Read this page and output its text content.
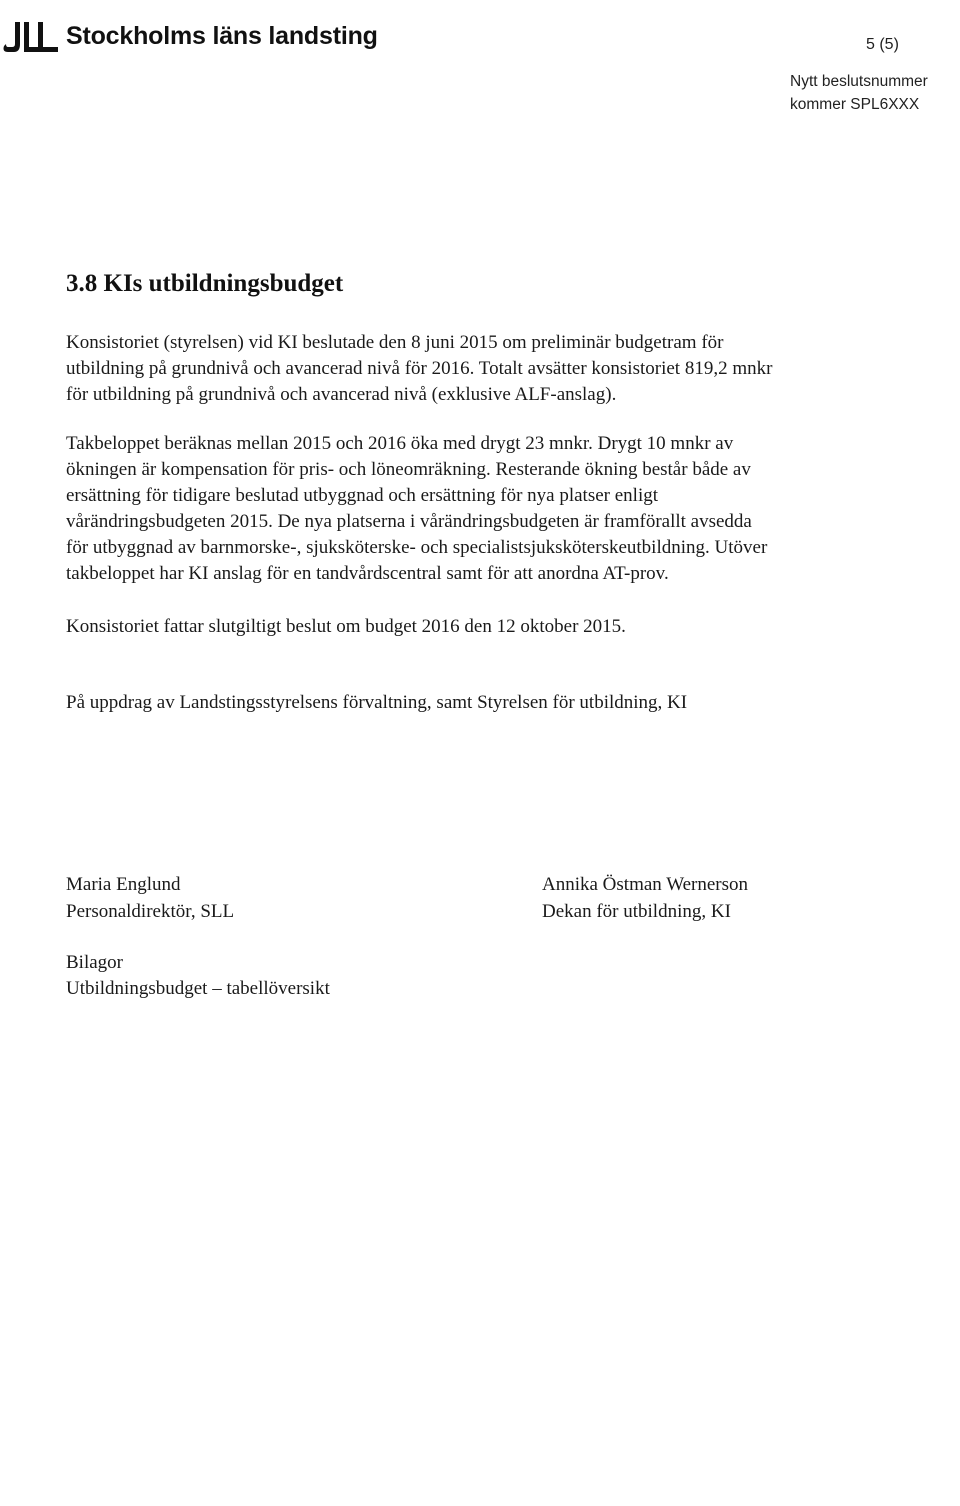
Stockholms läns landsting	5 (5)
Nytt beslutsnummer
kommer SPL6XXX
3.8 KIs utbildningsbudget
Konsistoriet (styrelsen) vid KI beslutade den 8 juni 2015 om preliminär budgetram för
utbildning på grundnivå och avancerad nivå för 2016. Totalt avsätter konsistoriet 819,2 mnkr
för utbildning på grundnivå och avancerad nivå (exklusive ALF-anslag).
Takbeloppet beräknas mellan 2015 och 2016 öka med drygt 23 mnkr. Drygt 10 mnkr av
ökningen är kompensation för pris- och löneomräkning. Resterande ökning består både av
ersättning för tidigare beslutad utbyggnad och ersättning för nya platser enligt
vårändringsbudgeten 2015. De nya platserna i vårändringsbudgeten är framförallt avsedda
för utbyggnad av barnmorske-, sjuksköterske- och specialistsjuksköterskeutbildning. Utöver
takbeloppet har KI anslag för en tandvårdscentral samt för att anordna AT-prov.
Konsistoriet fattar slutgiltigt beslut om budget 2016 den 12 oktober 2015.
På uppdrag av Landstingsstyrelsens förvaltning, samt Styrelsen för utbildning, KI
Maria Englund
Personaldirektör, SLL
Annika Östman Wernerson
Dekan för utbildning, KI
Bilagor
Utbildningsbudget – tabellöversikt
